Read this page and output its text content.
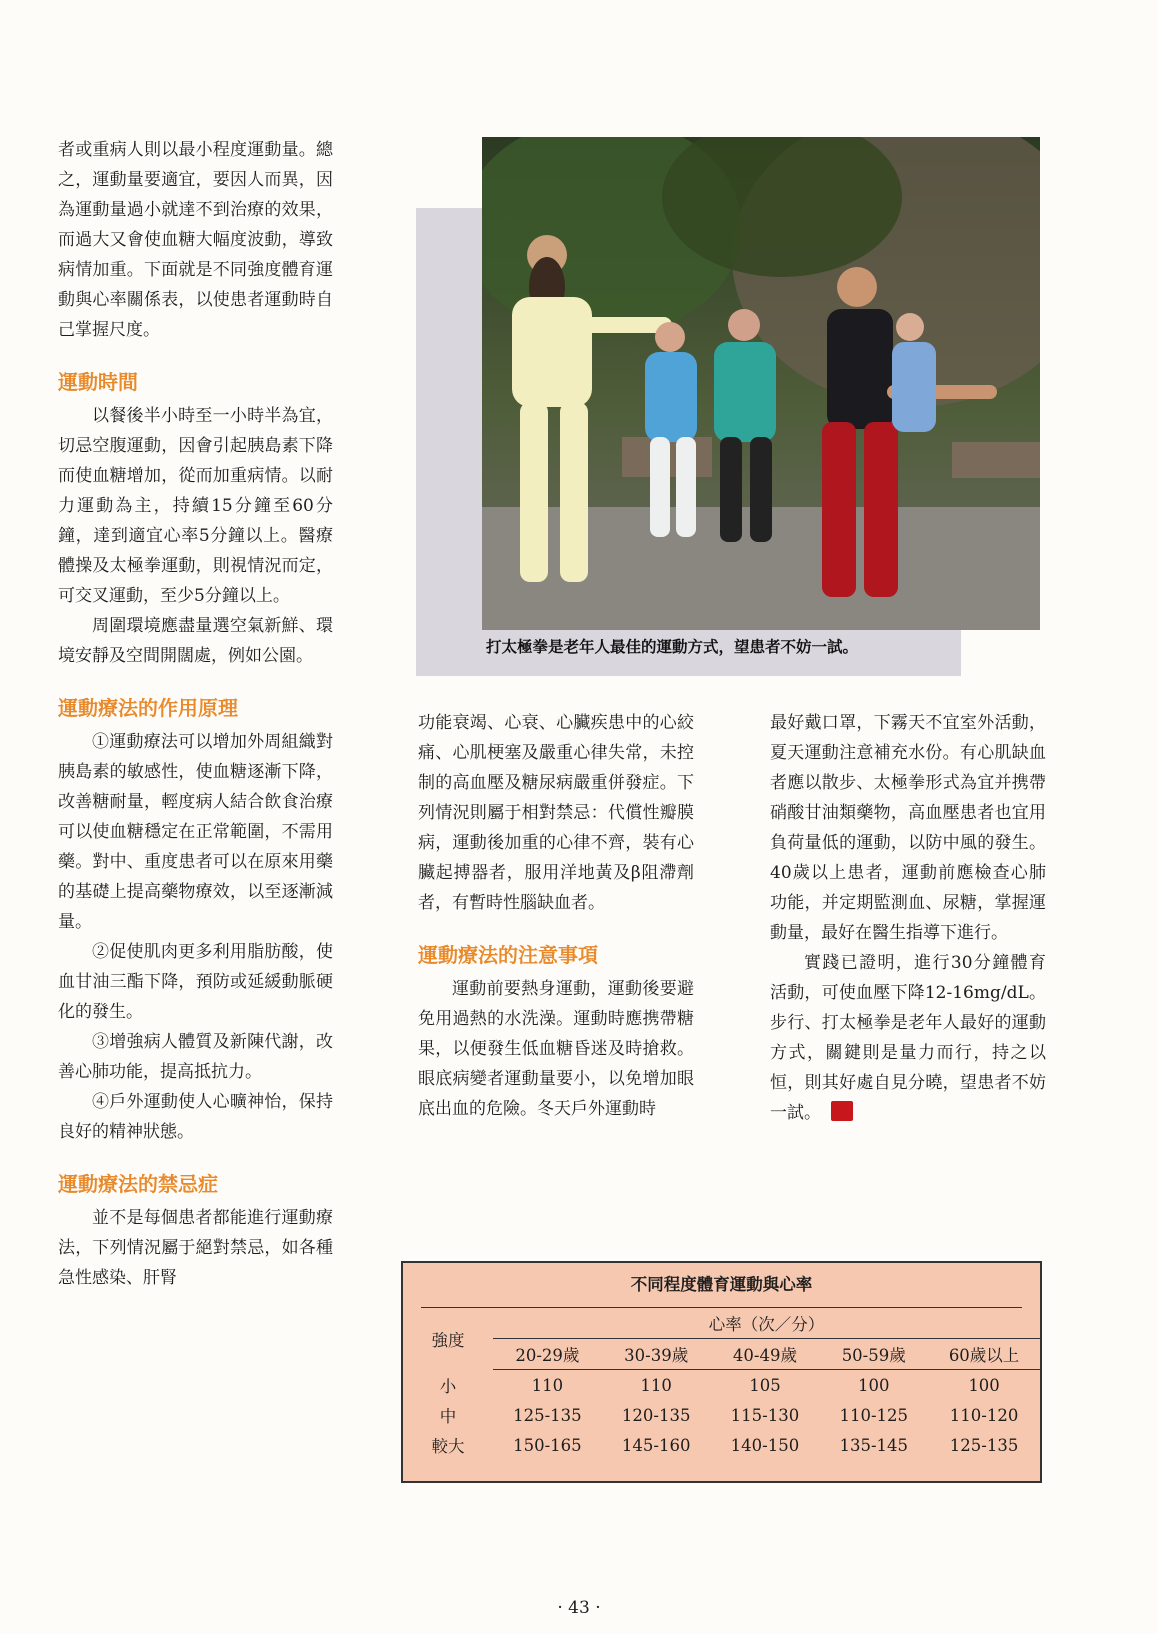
者或重病人則以最小程度運動量。總之，運動量要適宜，要因人而異，因為運動量過小就達不到治療的效果，而過大又會使血糖大幅度波動，導致病情加重。下面就是不同強度體育運動與心率關係表，以使患者運動時自己掌握尺度。

運動時間

以餐後半小時至一小時半為宜，切忌空腹運動，因會引起胰島素下降而使血糖增加，從而加重病情。以耐力運動為主，持續15分鐘至60分鐘，達到適宜心率5分鐘以上。醫療體操及太極拳運動，則視情況而定，可交叉運動，至少5分鐘以上。

周圍環境應盡量選空氣新鮮、環境安靜及空間開闊處，例如公園。

運動療法的作用原理

①運動療法可以增加外周組織對胰島素的敏感性，使血糖逐漸下降，改善糖耐量，輕度病人結合飲食治療可以使血糖穩定在正常範圍，不需用藥。對中、重度患者可以在原來用藥的基礎上提高藥物療效，以至逐漸減量。

②促使肌肉更多利用脂肪酸，使血甘油三酯下降，預防或延緩動脈硬化的發生。

③增強病人體質及新陳代謝，改善心肺功能，提高抵抗力。

④戶外運動使人心曠神怡，保持良好的精神狀態。

運動療法的禁忌症

並不是每個患者都能進行運動療法，下列情況屬于絕對禁忌，如各種急性感染、肝腎

打太極拳是老年人最佳的運動方式，望患者不妨一試。

功能衰竭、心衰、心臟疾患中的心絞痛、心肌梗塞及嚴重心律失常，未控制的高血壓及糖尿病嚴重併發症。下列情況則屬于相對禁忌：代償性瓣膜病，運動後加重的心律不齊，裝有心臟起搏器者，服用洋地黃及β阻滯劑者，有暫時性腦缺血者。

運動療法的注意事項

運動前要熱身運動，運動後要避免用過熱的水洗澡。運動時應携帶糖果，以便發生低血糖昏迷及時搶救。眼底病變者運動量要小，以免增加眼底出血的危險。冬天戶外運動時

最好戴口罩，下霧天不宜室外活動，夏天運動注意補充水份。有心肌缺血者應以散步、太極拳形式為宜并携帶硝酸甘油類藥物，高血壓患者也宜用負荷量低的運動，以防中風的發生。40歲以上患者，運動前應檢查心肺功能，并定期監測血、尿糖，掌握運動量，最好在醫生指導下進行。

實踐已證明，進行30分鐘體育活動，可使血壓下降12-16mg/dL。步行、打太極拳是老年人最好的運動方式，關鍵則是量力而行，持之以恒，則其好處自見分曉，望患者不妨一試。

不同程度體育運動與心率
強度	心率（次／分）				
	20-29歲	30-39歲	40-49歲	50-59歲	60歲以上
小	110	110	105	100	100
中	125-135	120-135	115-130	110-125	110-120
較大	150-165	145-160	140-150	135-145	125-135
· 43 ·
